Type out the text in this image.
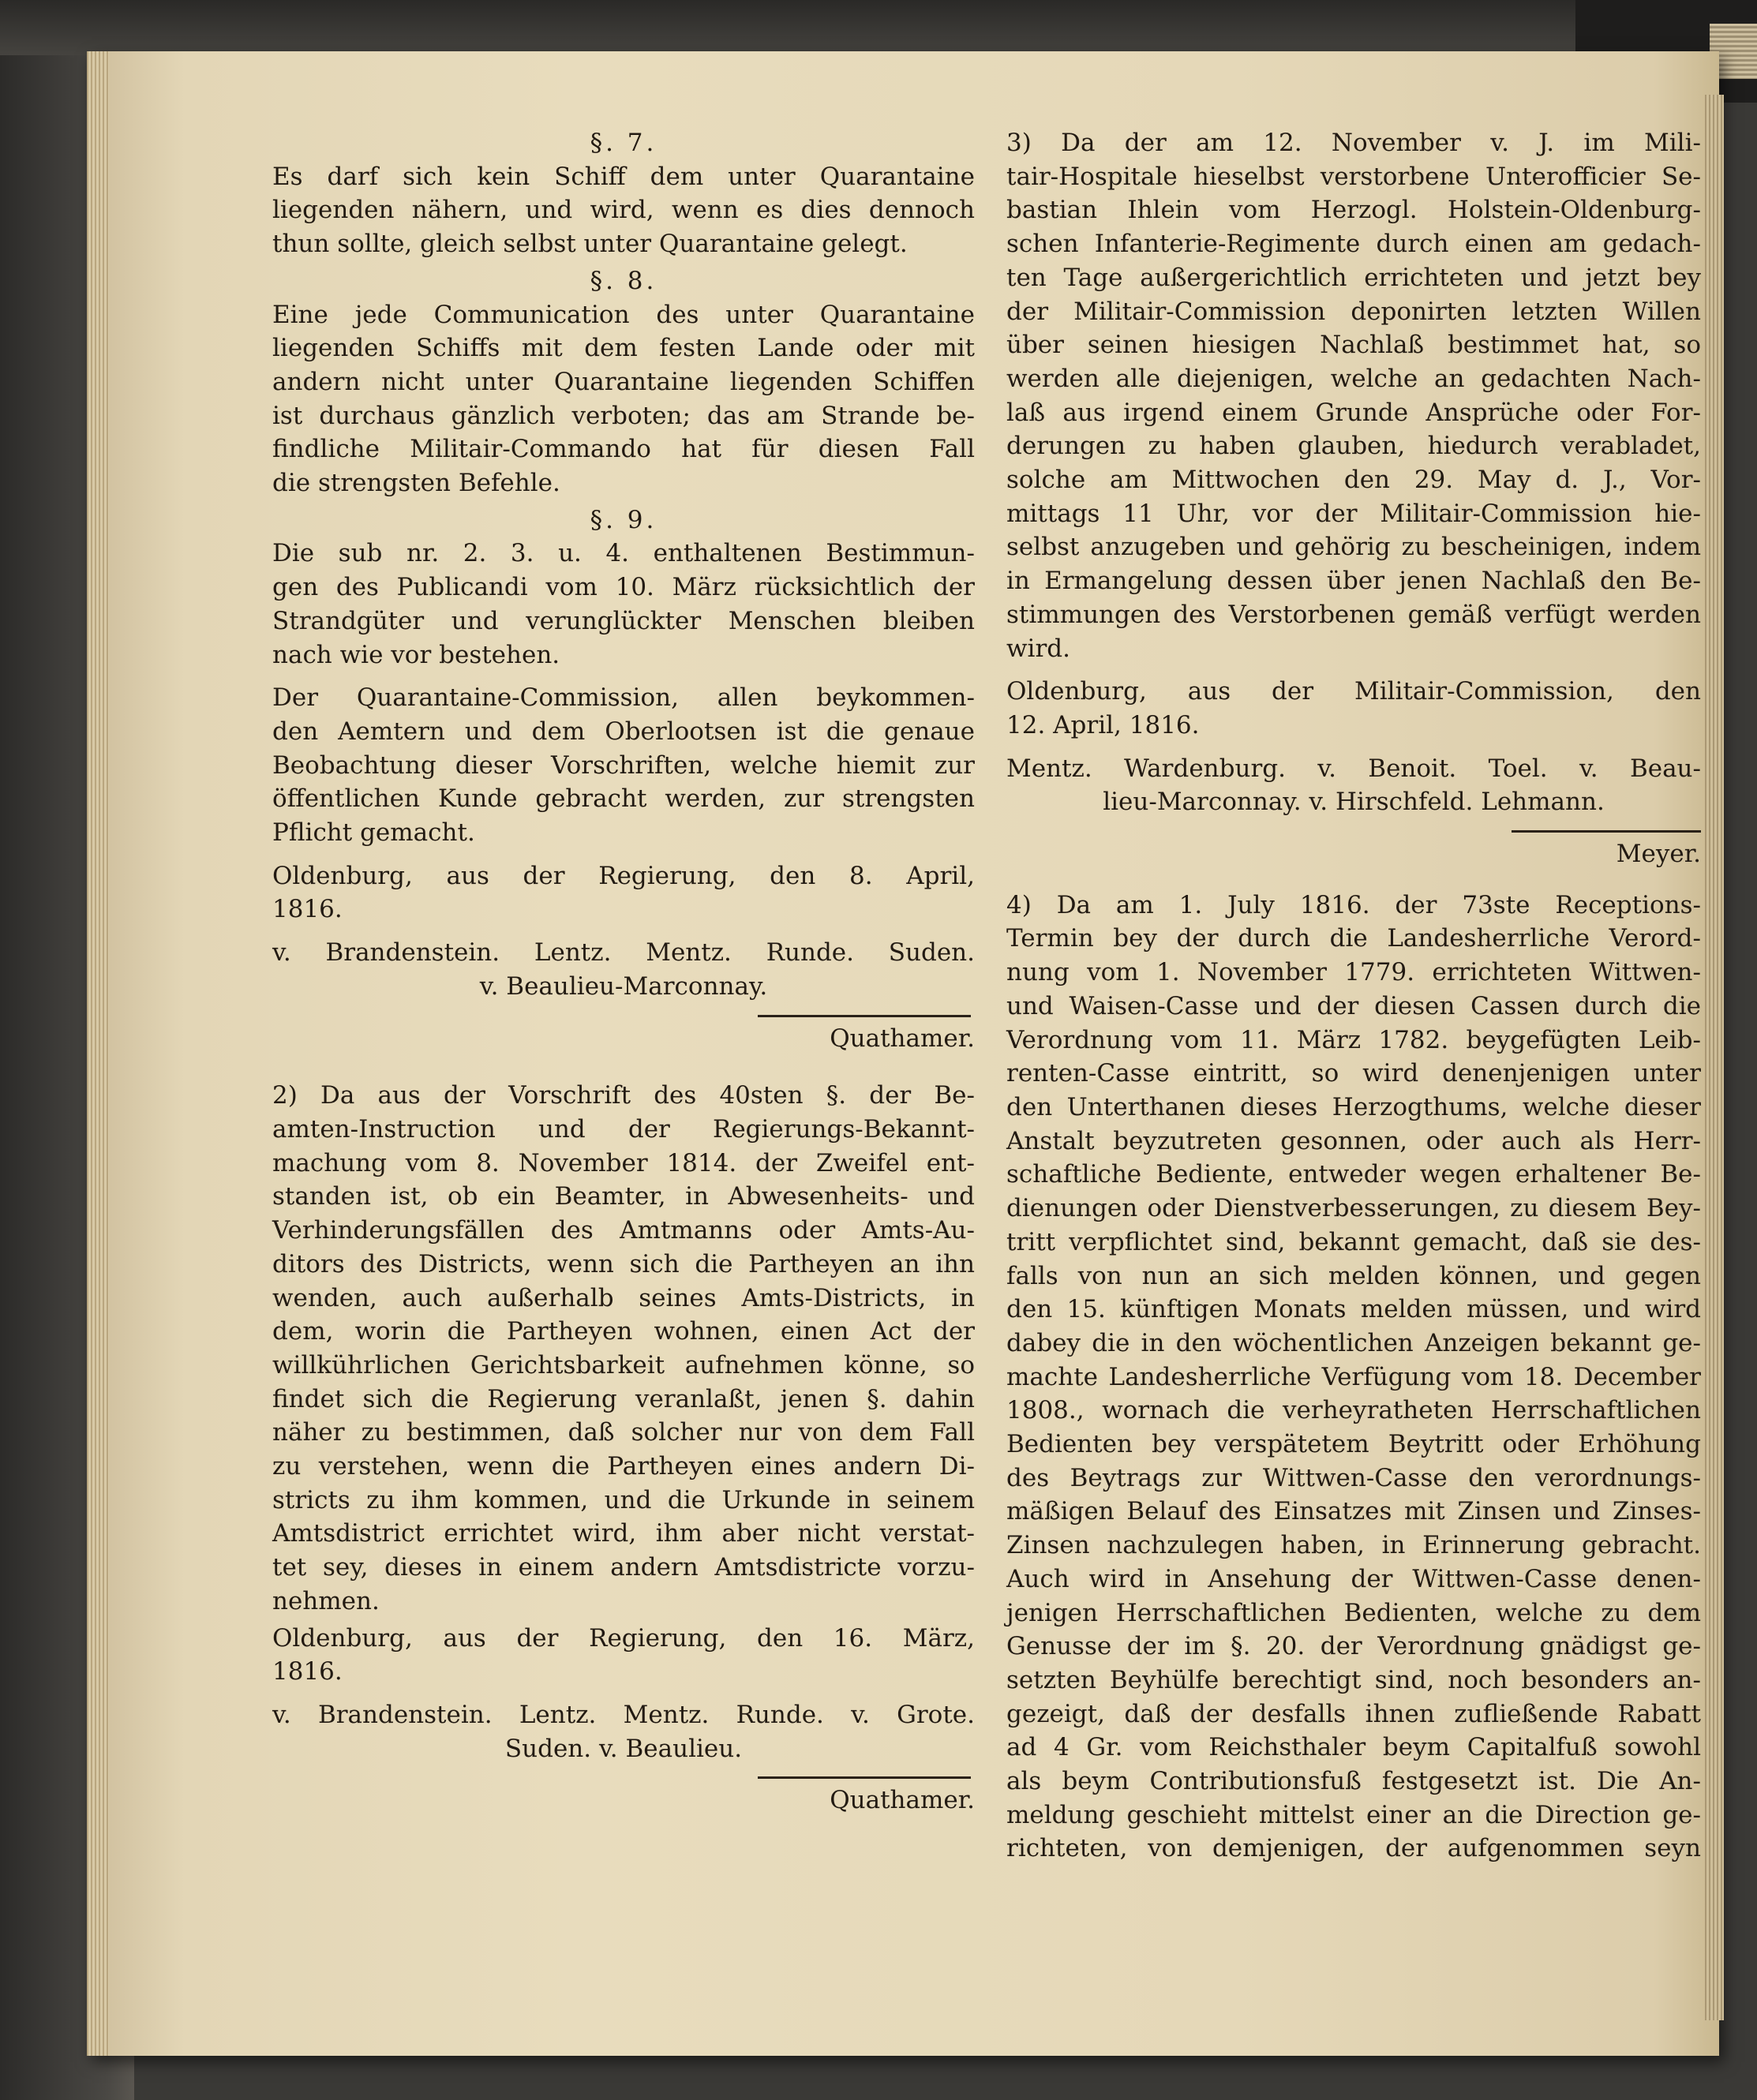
§. 7.

Es darf sich kein Schiff dem unter Quarantaine

liegenden nähern, und wird, wenn es dies dennoch

thun sollte, gleich selbst unter Quarantaine gelegt.

§. 8.

Eine jede Communication des unter Quarantaine

liegenden Schiffs mit dem festen Lande oder mit

andern nicht unter Quarantaine liegenden Schiffen

ist durchaus gänzlich verboten; das am Strande be-

findliche Militair-Commando hat für diesen Fall

die strengsten Befehle.

§. 9.

Die sub nr. 2. 3. u. 4. enthaltenen Bestimmun-

gen des Publicandi vom 10. März rücksichtlich der

Strandgüter und verunglückter Menschen bleiben

nach wie vor bestehen.

Der Quarantaine-Commission, allen beykommen-

den Aemtern und dem Oberlootsen ist die genaue

Beobachtung dieser Vorschriften, welche hiemit zur

öffentlichen Kunde gebracht werden, zur strengsten

Pflicht gemacht.

Oldenburg, aus der Regierung, den 8. April,

1816.

v. Brandenstein. Lentz. Mentz. Runde. Suden.

v. Beaulieu-Marconnay.

Quathamer.

2) Da aus der Vorschrift des 40sten §. der Be-

amten-Instruction und der Regierungs-Bekannt-

machung vom 8. November 1814. der Zweifel ent-

standen ist, ob ein Beamter, in Abwesenheits- und

Verhinderungsfällen des Amtmanns oder Amts-Au-

ditors des Districts, wenn sich die Partheyen an ihn

wenden, auch außerhalb seines Amts-Districts, in

dem, worin die Partheyen wohnen, einen Act der

willkührlichen Gerichtsbarkeit aufnehmen könne, so

findet sich die Regierung veranlaßt, jenen §. dahin

näher zu bestimmen, daß solcher nur von dem Fall

zu verstehen, wenn die Partheyen eines andern Di-

stricts zu ihm kommen, und die Urkunde in seinem

Amtsdistrict errichtet wird, ihm aber nicht verstat-

tet sey, dieses in einem andern Amtsdistricte vorzu-

nehmen.

Oldenburg, aus der Regierung, den 16. März,

1816.

v. Brandenstein. Lentz. Mentz. Runde. v. Grote.

Suden. v. Beaulieu.

Quathamer.

3) Da der am 12. November v. J. im Mili-

tair-Hospitale hieselbst verstorbene Unterofficier Se-

bastian Ihlein vom Herzogl. Holstein-Oldenburg-

schen Infanterie-Regimente durch einen am gedach-

ten Tage außergerichtlich errichteten und jetzt bey

der Militair-Commission deponirten letzten Willen

über seinen hiesigen Nachlaß bestimmet hat, so

werden alle diejenigen, welche an gedachten Nach-

laß aus irgend einem Grunde Ansprüche oder For-

derungen zu haben glauben, hiedurch verabladet,

solche am Mittwochen den 29. May d. J., Vor-

mittags 11 Uhr, vor der Militair-Commission hie-

selbst anzugeben und gehörig zu bescheinigen, indem

in Ermangelung dessen über jenen Nachlaß den Be-

stimmungen des Verstorbenen gemäß verfügt werden

wird.

Oldenburg, aus der Militair-Commission, den

12. April, 1816.

Mentz. Wardenburg. v. Benoit. Toel. v. Beau-

lieu-Marconnay. v. Hirschfeld. Lehmann.

Meyer.

4) Da am 1. July 1816. der 73ste Receptions-

Termin bey der durch die Landesherrliche Verord-

nung vom 1. November 1779. errichteten Wittwen-

und Waisen-Casse und der diesen Cassen durch die

Verordnung vom 11. März 1782. beygefügten Leib-

renten-Casse eintritt, so wird denenjenigen unter

den Unterthanen dieses Herzogthums, welche dieser

Anstalt beyzutreten gesonnen, oder auch als Herr-

schaftliche Bediente, entweder wegen erhaltener Be-

dienungen oder Dienstverbesserungen, zu diesem Bey-

tritt verpflichtet sind, bekannt gemacht, daß sie des-

falls von nun an sich melden können, und gegen

den 15. künftigen Monats melden müssen, und wird

dabey die in den wöchentlichen Anzeigen bekannt ge-

machte Landesherrliche Verfügung vom 18. December

1808., wornach die verheyratheten Herrschaftlichen

Bedienten bey verspätetem Beytritt oder Erhöhung

des Beytrags zur Wittwen-Casse den verordnungs-

mäßigen Belauf des Einsatzes mit Zinsen und Zinses-

Zinsen nachzulegen haben, in Erinnerung gebracht.

Auch wird in Ansehung der Wittwen-Casse denen-

jenigen Herrschaftlichen Bedienten, welche zu dem

Genusse der im §. 20. der Verordnung gnädigst ge-

setzten Beyhülfe berechtigt sind, noch besonders an-

gezeigt, daß der desfalls ihnen zufließende Rabatt

ad 4 Gr. vom Reichsthaler beym Capitalfuß sowohl

als beym Contributionsfuß festgesetzt ist. Die An-

meldung geschieht mittelst einer an die Direction ge-

richteten, von demjenigen, der aufgenommen seyn
